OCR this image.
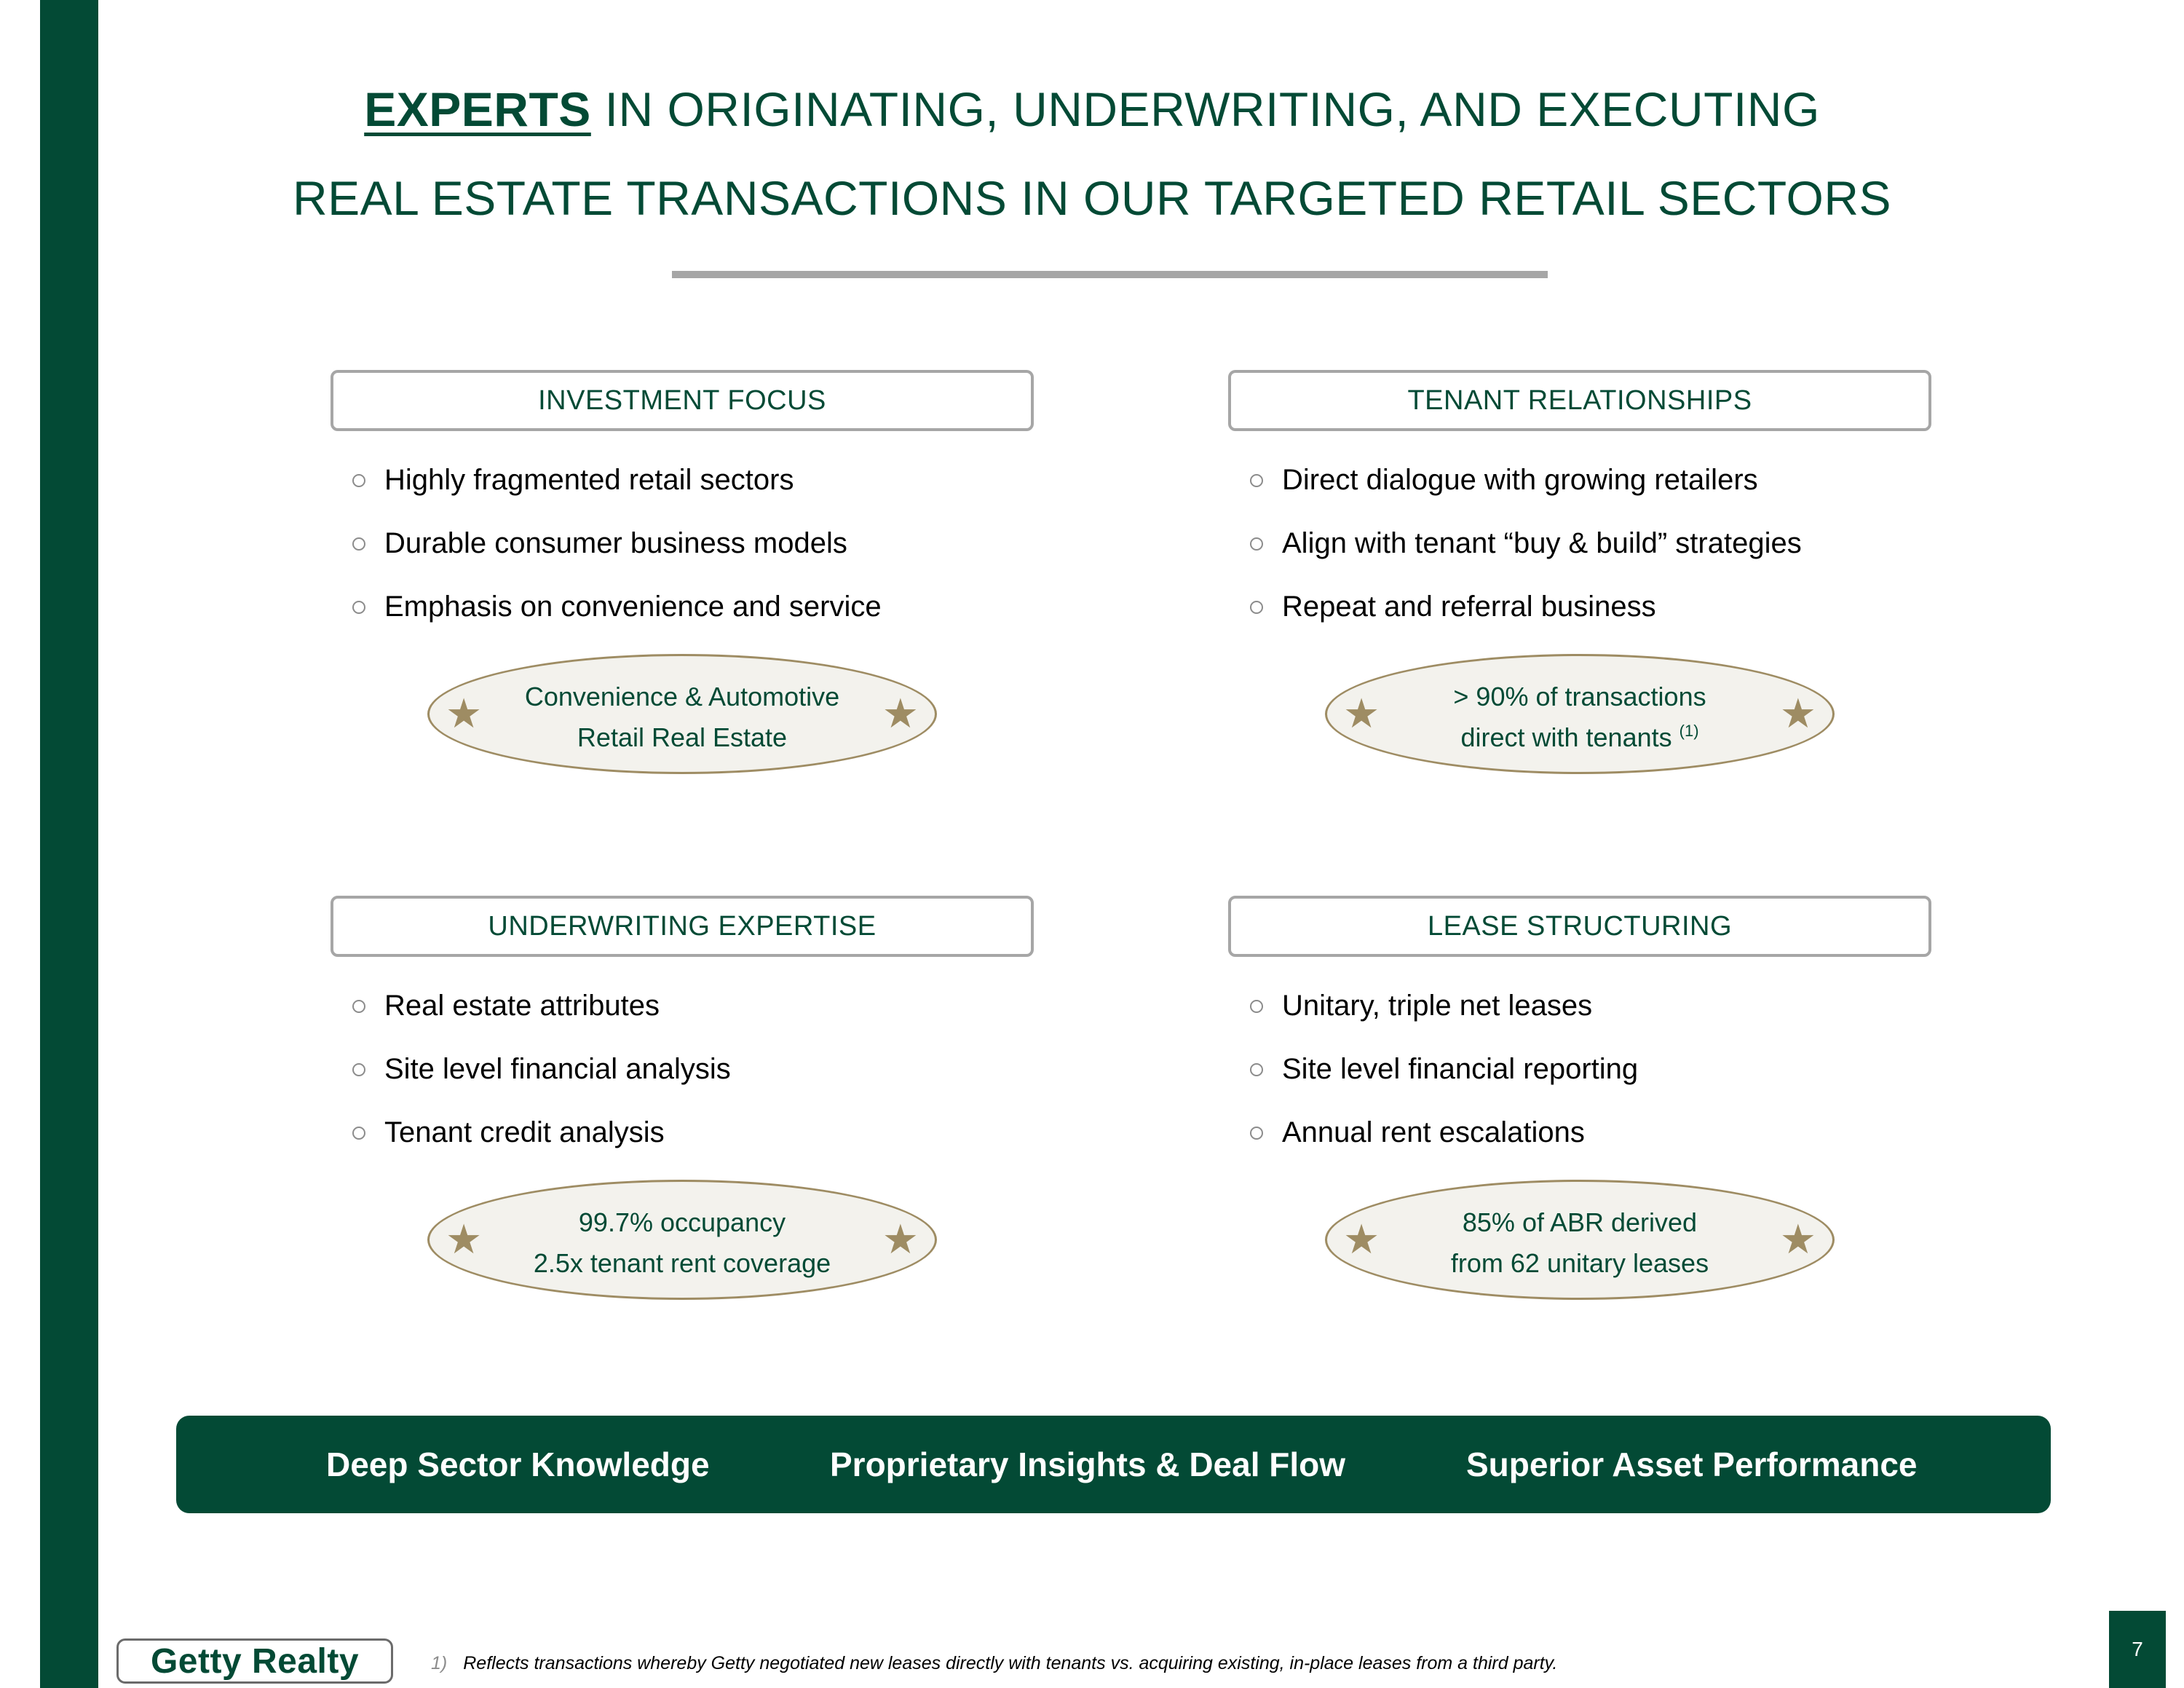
EXPERTS IN ORIGINATING, UNDERWRITING, AND EXECUTING
REAL ESTATE TRANSACTIONS IN OUR TARGETED RETAIL SECTORS
INVESTMENT FOCUS
Highly fragmented retail sectors
Durable consumer business models
Emphasis on convenience and service
★	Convenience & Automotive
Retail Real Estate	★
TENANT RELATIONSHIPS
Direct dialogue with growing retailers
Align with tenant “buy & build” strategies
Repeat and referral business
★	> 90% of transactions
direct with tenants $^{(1)}$	★
UNDERWRITING EXPERTISE
Real estate attributes
Site level financial analysis
Tenant credit analysis
★	99.7% occupancy
2.5x tenant rent coverage	★
LEASE STRUCTURING
Unitary, triple net leases
Site level financial reporting
Annual rent escalations
★	85% of ABR derived
from 62 unitary leases	★
Deep Sector Knowledge	Proprietary Insights & Deal Flow	Superior Asset Performance
Getty Realty	1) Reflects transactions whereby Getty negotiated new leases directly with tenants vs. acquiring existing, in-place leases from a third party.
7
